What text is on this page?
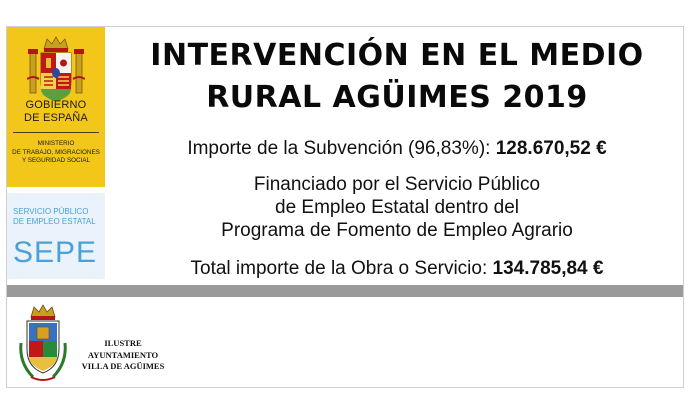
GOBIERNO
DE ESPAÑA
MINISTERIO
DE TRABAJO, MIGRACIONES
Y SEGURIDAD SOCIAL
SERVICIO PÚBLICO
DE EMPLEO ESTATAL
SEPE
INTERVENCIÓN EN EL MEDIO
RURAL AGÜIMES 2019
Importe de la Subvención (96,83%): 128.670,52 €
Financiado por el Servicio Público
de Empleo Estatal dentro del
Programa de Fomento de Empleo Agrario
Total importe de la Obra o Servicio: 134.785,84 €
ILUSTRE
AYUNTAMIENTO
VILLA DE AGÜIMES
